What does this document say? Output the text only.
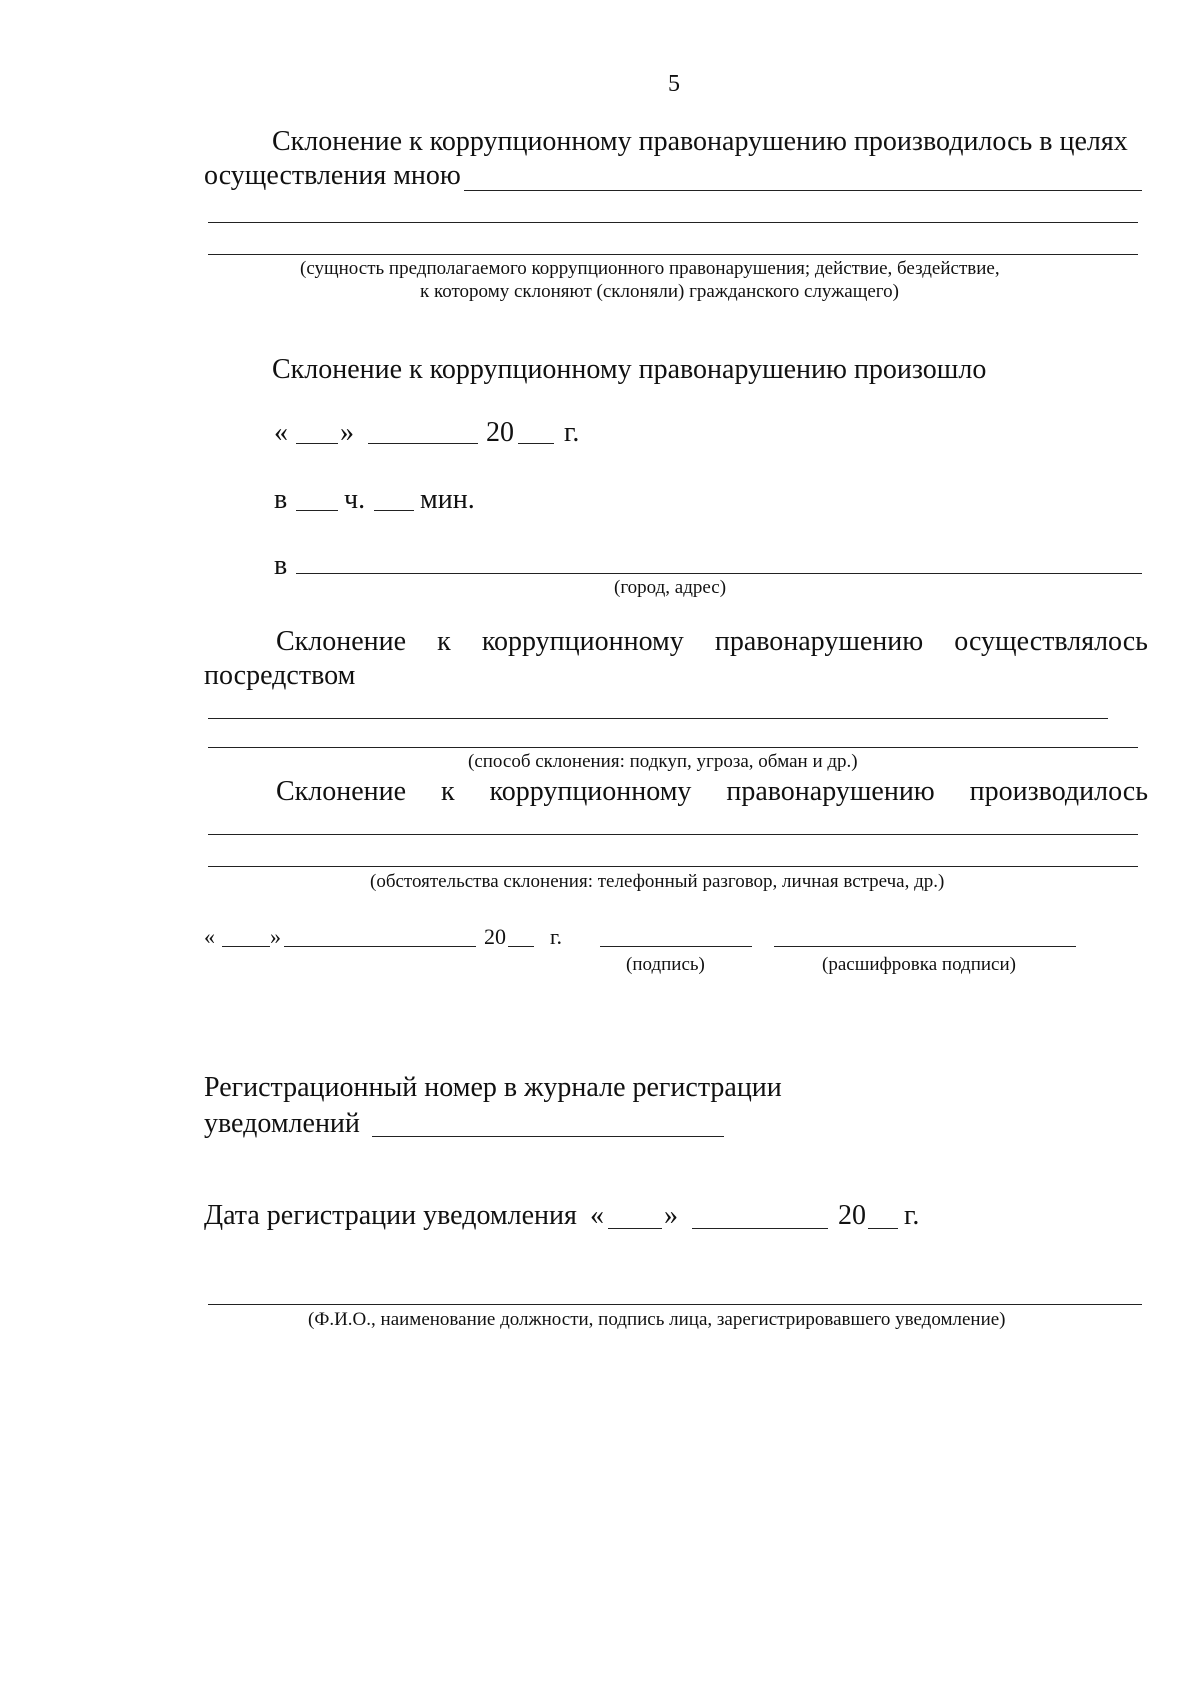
5
Склонение к коррупционному правонарушению производилось в целях
осуществления мною
(сущность предполагаемого коррупционного правонарушения; действие, бездействие,
к которому склоняют (склоняли) гражданского служащего)
Склонение к коррупционному правонарушению произошло
« »	20 г.
в ч. мин.
в
(город, адрес)
Склонение к коррупционному правонарушению осуществлялось
посредством
(способ склонения: подкуп, угроза, обман и др.)
Склонение к коррупционному правонарушению производилось
(обстоятельства склонения: телефонный разговор, личная встреча, др.)
«	»	20 г.
(подпись)	(расшифровка подписи)
Регистрационный номер в журнале регистрации
уведомлений
Дата регистрации уведомления « »	20 г.
(Ф.И.О., наименование должности, подпись лица, зарегистрировавшего уведомление)
